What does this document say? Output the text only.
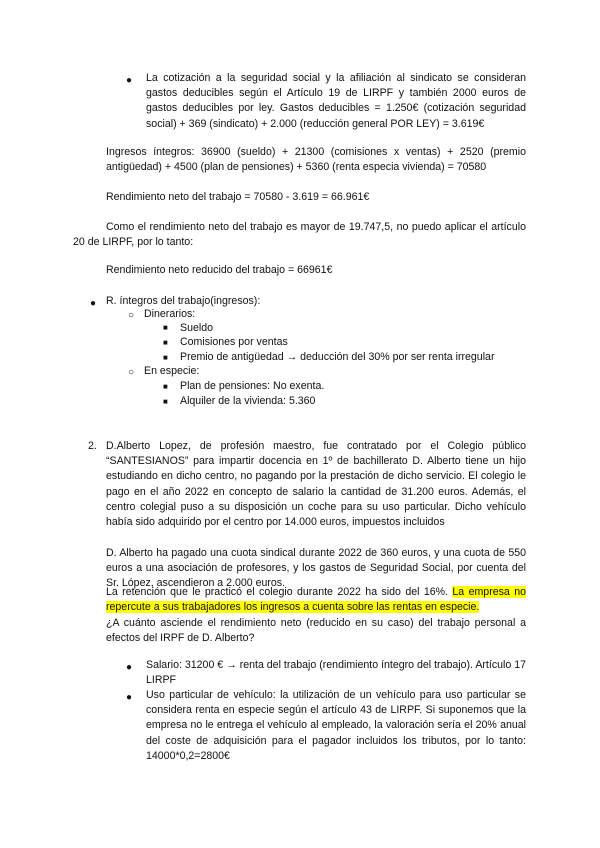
● La cotización a la seguridad social y la afiliación al sindicato se consideran gastos deducibles según el Artículo 19 de LIRPF y también 2000 euros de gastos deducibles por ley. Gastos deducibles = 1.250€ (cotización seguridad social) + 369 (sindicato) + 2.000 (reducción general POR LEY) = 3.619€

Ingresos íntegros: 36900 (sueldo) + 21300 (comisiones x ventas) + 2520 (premio antigüedad) + 4500 (plan de pensiones) + 5360 (renta especia vivienda) = 70580

Rendimiento neto del trabajo = 70580 - 3.619 = 66.961€

Como el rendimiento neto del trabajo es mayor de 19.747,5, no puedo aplicar el artículo 20 de LIRPF, por lo tanto:

Rendimiento neto reducido del trabajo = 66961€

● R. íntegros del trabajo(ingresos):

○ Dinerarios:

■ Sueldo

■ Comisiones por ventas

■ Premio de antigüedad → deducción del 30% por ser renta irregular

○ En especie:

■ Plan de pensiones: No exenta.

■ Alquiler de la vivienda: 5.360

2. D.Alberto Lopez, de profesión maestro, fue contratado por el Colegio público “SANTESIANOS” para impartir docencia en 1º de bachillerato D. Alberto tiene un hijo estudiando en dicho centro, no pagando por la prestación de dicho servicio. El colegio le pago en el año 2022 en concepto de salario la cantidad de 31.200 euros. Además, el centro colegial puso a su disposición un coche para su uso particular. Dicho vehículo había sido adquirido por el centro por 14.000 euros, impuestos incluidos

D. Alberto ha pagado una cuota sindical durante 2022 de 360 euros, y una cuota de 550 euros a una asociación de profesores, y los gastos de Seguridad Social, por cuenta del Sr. López, ascendieron a 2.000 euros.

La retención que le practicó el colegio durante 2022 ha sido del 16%. La empresa no repercute a sus trabajadores los ingresos a cuenta sobre las rentas en especie.

¿A cuánto asciende el rendimiento neto (reducido en su caso) del trabajo personal a efectos del IRPF de D. Alberto?

● Salario: 31200 € → renta del trabajo (rendimiento íntegro del trabajo). Artículo 17 LIRPF

● Uso particular de vehículo: la utilización de un vehículo para uso particular se considera renta en especie según el artículo 43 de LIRPF. Si suponemos que la empresa no le entrega el vehículo al empleado, la valoración sería el 20% anual del coste de adquisición para el pagador incluidos los tributos, por lo tanto: 14000*0,2=2800€
